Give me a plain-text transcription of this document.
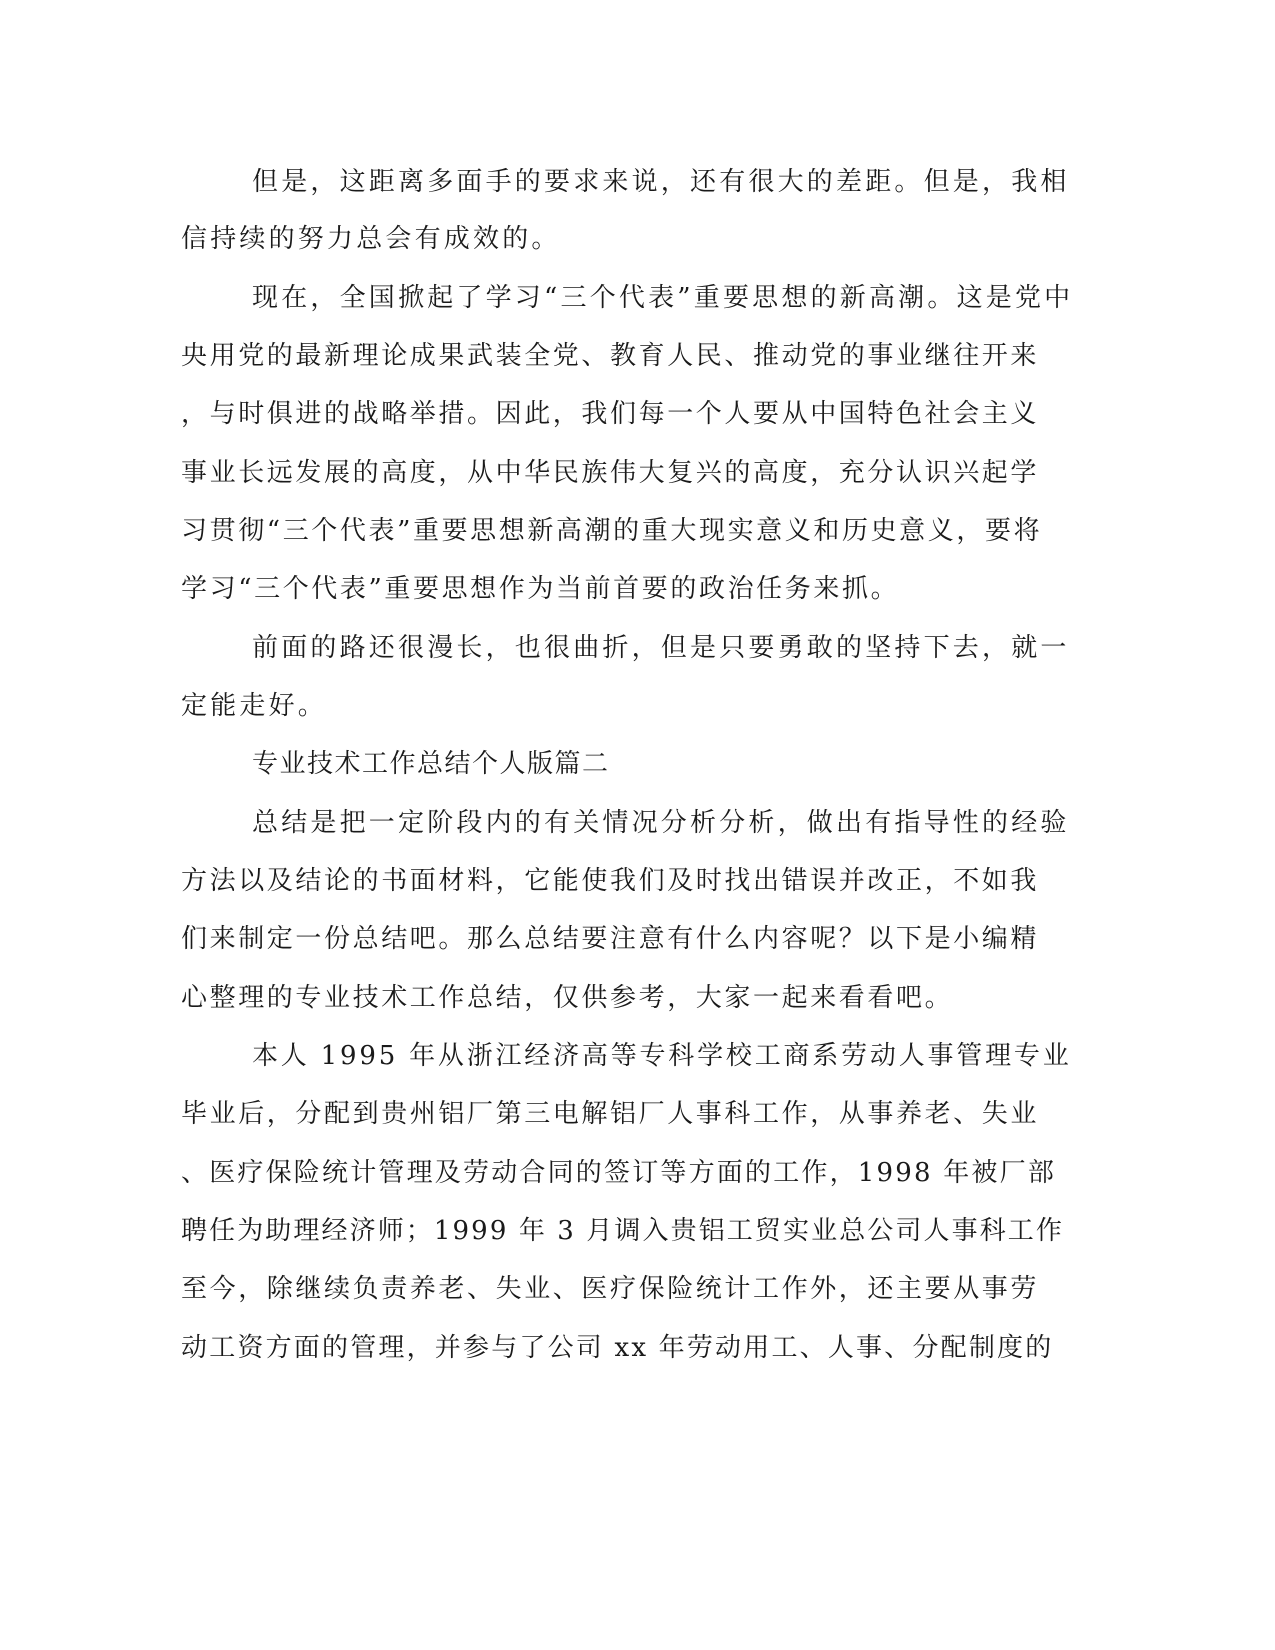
但是，这距离多面手的要求来说，还有很大的差距。但是，我相
信持续的努力总会有成效的。
现在，全国掀起了学习“三个代表”重要思想的新高潮。这是党中
央用党的最新理论成果武装全党、教育人民、推动党的事业继往开来
，与时俱进的战略举措。因此，我们每一个人要从中国特色社会主义
事业长远发展的高度，从中华民族伟大复兴的高度，充分认识兴起学
习贯彻“三个代表”重要思想新高潮的重大现实意义和历史意义，要将
学习“三个代表”重要思想作为当前首要的政治任务来抓。
前面的路还很漫长，也很曲折，但是只要勇敢的坚持下去，就一
定能走好。
专业技术工作总结个人版篇二
总结是把一定阶段内的有关情况分析分析，做出有指导性的经验
方法以及结论的书面材料，它能使我们及时找出错误并改正，不如我
们来制定一份总结吧。那么总结要注意有什么内容呢？以下是小编精
心整理的专业技术工作总结，仅供参考，大家一起来看看吧。
本人 1995 年从浙江经济高等专科学校工商系劳动人事管理专业
毕业后，分配到贵州铝厂第三电解铝厂人事科工作，从事养老、失业
、医疗保险统计管理及劳动合同的签订等方面的工作，1998 年被厂部
聘任为助理经济师；1999 年 3 月调入贵铝工贸实业总公司人事科工作
至今，除继续负责养老、失业、医疗保险统计工作外，还主要从事劳
动工资方面的管理，并参与了公司 xx 年劳动用工、人事、分配制度的
